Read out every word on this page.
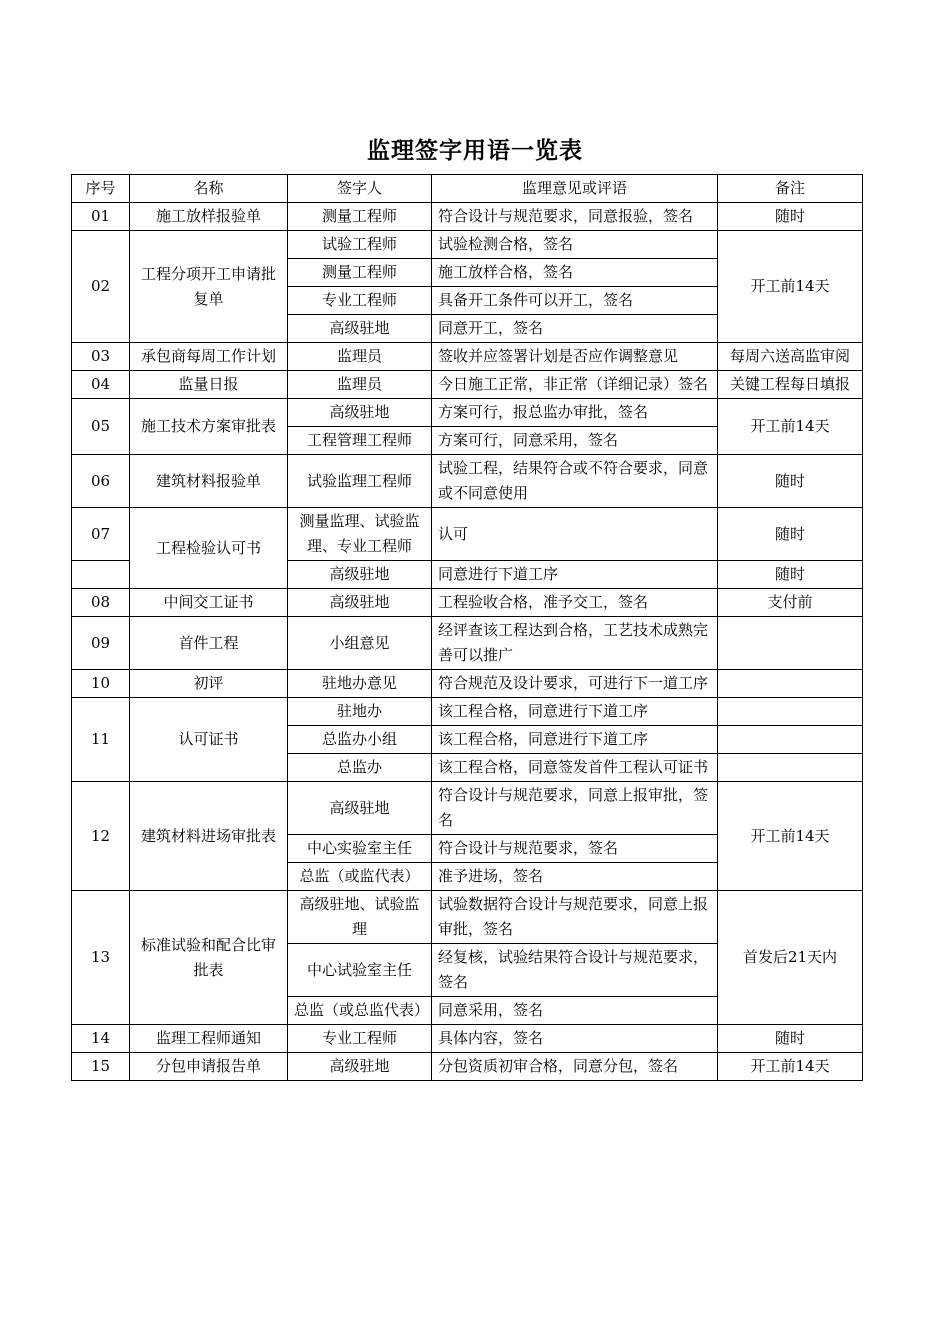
监理签字用语一览表
序号	名称	签字人	监理意见或评语	备注
01	施工放样报验单	测量工程师	符合设计与规范要求，同意报验，签名	随时
02	工程分项开工申请批复单	试验工程师	试验检测合格，签名	开工前14天
		测量工程师	施工放样合格，签名	
		专业工程师	具备开工条件可以开工，签名	
		高级驻地	同意开工，签名	
03	承包商每周工作计划	监理员	签收并应签署计划是否应作调整意见	每周六送高监审阅
04	监量日报	监理员	今日施工正常，非正常（详细记录）签名	关键工程每日填报
05	施工技术方案审批表	高级驻地	方案可行，报总监办审批，签名	开工前14天
		工程管理工程师	方案可行，同意采用，签名	
06	建筑材料报验单	试验监理工程师	试验工程，结果符合或不符合要求，同意或不同意使用	随时
07	工程检验认可书	测量监理、试验监理、专业工程师	认可	随时
		高级驻地	同意进行下道工序	随时
08	中间交工证书	高级驻地	工程验收合格，准予交工，签名	支付前
09	首件工程	小组意见	经评查该工程达到合格，工艺技术成熟完善可以推广	
10	初评	驻地办意见	符合规范及设计要求，可进行下一道工序	
11	认可证书	驻地办	该工程合格，同意进行下道工序	
		总监办小组	该工程合格，同意进行下道工序	
		总监办	该工程合格，同意签发首件工程认可证书	
12	建筑材料进场审批表	高级驻地	符合设计与规范要求，同意上报审批，签名	开工前14天
		中心实验室主任	符合设计与规范要求，签名	
		总监（或监代表）	准予进场，签名	
13	标准试验和配合比审批表	高级驻地、试验监理	试验数据符合设计与规范要求，同意上报审批，签名	首发后21天内
		中心试验室主任	经复核，试验结果符合设计与规范要求，签名	
		总监（或总监代表）	同意采用，签名	
14	监理工程师通知	专业工程师	具体内容，签名	随时
15	分包申请报告单	高级驻地	分包资质初审合格，同意分包，签名	开工前14天
